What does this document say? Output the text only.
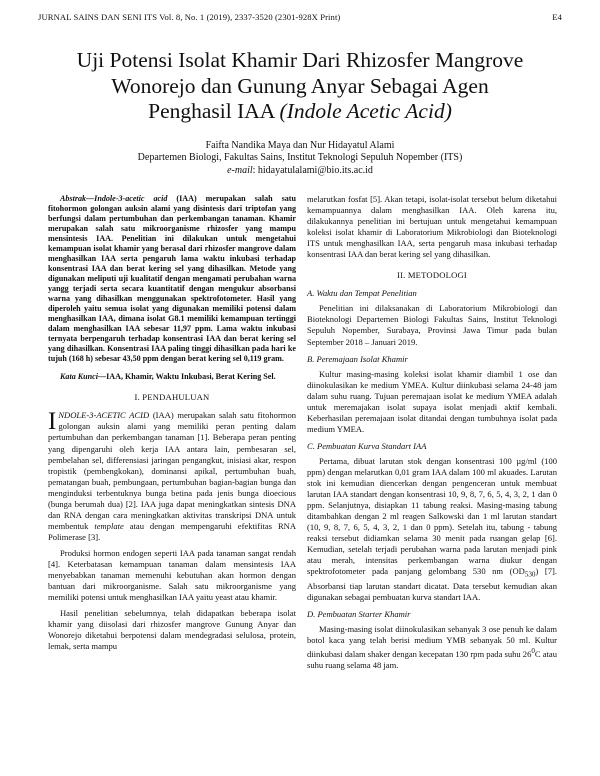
JURNAL SAINS DAN SENI ITS Vol. 8, No. 1 (2019), 2337-3520 (2301-928X Print)	E4
Uji Potensi Isolat Khamir Dari Rhizosfer Mangrove
Wonorejo dan Gunung Anyar Sebagai Agen
Penghasil IAA (Indole Acetic Acid)
Faifta Nandika Maya dan Nur Hidayatul Alami
Departemen Biologi, Fakultas Sains, Institut Teknologi Sepuluh Nopember (ITS)
e-mail: hidayatulalami@bio.its.ac.id

Abstrak—Indole-3-acetic acid (IAA) merupakan salah satu fitohormon golongan auksin alami yang disintesis dari triptofan yang berfungsi dalam pertumbuhan dan perkembangan tanaman. Khamir merupakan salah satu mikroorganisme rhizosfer yang mampu mensintesis IAA. Penelitian ini dilakukan untuk mengetahui kemampuan isolat khamir yang berasal dari rhizosfer mangrove dalam menghasilkan IAA serta pengaruh lama waktu inkubasi terhadap konsentrasi IAA dan berat kering sel yang dihasilkan. Metode yang digunakan meliputi uji kualitatif dengan mengamati perubahan warna yangg terjadi serta secara kuantitatif dengan mengukur absorbansi warna yang dihasilkan menggunakan spektrofotometer. Hasil yang diperoleh yaitu semua isolat yang digunakan memiliki potensi dalam menghasilkan IAA, dimana isolat G8.1 memiliki kemampuan tertinggi dalam menghasilkan IAA sebesar 11,97 ppm. Lama waktu inkubasi ternyata berpengaruh terhadap konsentrasi IAA dan berat kering sel yang dihasilkan. Konsentrasi IAA paling tinggi dihasilkan pada hari ke tujuh (168 h) sebesar 43,50 ppm dengan berat kering sel 0,119 gram.

Kata Kunci—IAA, Khamir, Waktu Inkubasi, Berat Kering Sel.

I. PENDAHULUAN

INDOLE-3-ACETIC ACID (IAA) merupakan salah satu fitohormon golongan auksin alami yang memiliki peran penting dalam pertumbuhan dan perkembangan tanaman [1]. Beberapa peran penting yang dipengaruhi oleh kerja IAA antara lain, pembesaran sel, pembelahan sel, differensiasi jaringan pengangkut, inisiasi akar, respon tropistik (pembengkokan), dominansi apikal, pertumbuhan buah, pematangan buah, pembungaan, pertumbuhan bagian-bagian bunga dan menginduksi terbentuknya bunga betina pada jenis bunga dioecious (bunga berumah dua) [2]. IAA juga dapat meningkatkan sintesis DNA dan RNA dengan cara meningkatkan aktivitas transkripsi DNA untuk membentuk template atau dengan mempengaruhi efektifitas RNA Polimerase [3].

Produksi hormon endogen seperti IAA pada tanaman sangat rendah [4]. Keterbatasan kemampuan tanaman dalam mensintesis IAA menyebabkan tanaman memenuhi kebutuhan akan hormon dengan bantuan dari mikroorganisme. Salah satu mikroorganisme yang memiliki potensi untuk menghasilkan IAA yaitu yeast atau khamir.

Hasil penelitian sebelumnya, telah didapatkan beberapa isolat khamir yang diisolasi dari rhizosfer mangrove Gunung Anyar dan Wonorejo diketahui berpotensi dalam mendegradasi selulosa, protein, lemak, serta mampu

melarutkan fosfat [5]. Akan tetapi, isolat-isolat tersebut belum diketahui kemampuannya dalam menghasilkan IAA. Oleh karena itu, dilakukannya penelitian ini bertujuan untuk mengetahui kemampuan koleksi isolat khamir di Laboratorium Mikrobiologi dan Bioteknologi ITS untuk menghasilkan IAA, serta pengaruh masa inkubasi terhadap konsentrasi IAA dan berat kering sel yang dihasilkan.

II. METODOLOGI
A. Waktu dan Tempat Penelitian

Penelitian ini dilaksanakan di Laboratorium Mikrobiologi dan Bioteknologi Departemen Biologi Fakultas Sains, Institut Teknologi Sepuluh Nopember, Surabaya, Provinsi Jawa Timur pada bulan September 2018 – Januari 2019.

B. Peremajaan Isolat Khamir

Kultur masing-masing koleksi isolat khamir diambil 1 ose dan diinokulasikan ke medium YMEA. Kultur diinkubasi selama 24-48 jam dalam suhu ruang. Tujuan peremajaan isolat ke medium YMEA adalah untuk meremajakan isolat supaya isolat menjadi aktif kembali. Keberhasilan peremajaan isolat ditandai dengan tumbuhnya isolat pada medium YMEA.

C. Pembuatan Kurva Standart IAA

Pertama, dibuat larutan stok dengan konsentrasi 100 µg/ml (100 ppm) dengan melarutkan 0,01 gram IAA dalam 100 ml akuades. Larutan stok ini kemudian diencerkan dengan pengenceran untuk membuat larutan IAA standart dengan konsentrasi 10, 9, 8, 7, 6, 5, 4, 3, 2, 1 dan 0 ppm. Selanjutnya, disiapkan 11 tabung reaksi. Masing-masing tabung ditambahkan dengan 2 ml reagen Salkowski dan 1 ml larutan standart (10, 9, 8, 7, 6, 5, 4, 3, 2, 1 dan 0 ppm). Setelah itu, tabung - tabung reaksi tersebut didiamkan selama 30 menit pada ruangan gelap [6]. Kemudian, setelah terjadi perubahan warna pada larutan menjadi pink atau merah, intensitas perkembangan warna diukur dengan spektrofotometer pada panjang gelombang 530 nm $(OD_{530})$ [7]. Absorbansi tiap larutan standart dicatat. Data tersebut kemudian akan digunakan sebagai pembuatan kurva standart IAA.

D. Pembuatan Starter Khamir

Masing-masing isolat diinokulasikan sebanyak 3 ose penuh ke dalam botol kaca yang telah berisi medium YMB sebanyak 50 ml. Kultur diinkubasi dalam shaker dengan kecepatan 130 rpm pada suhu $26^0C$ atau suhu ruang selama 48 jam.
